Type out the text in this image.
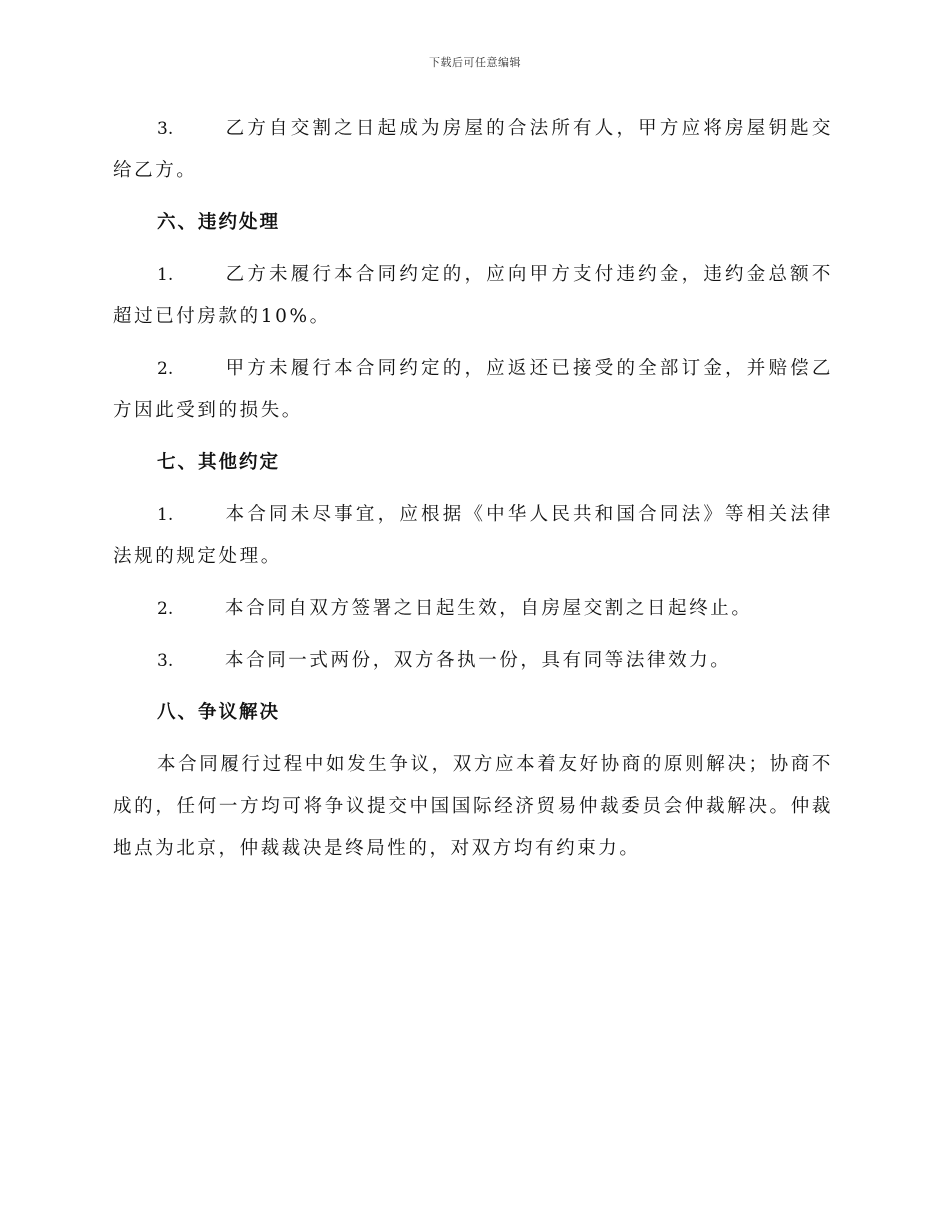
下载后可任意编辑

3.	乙方自交割之日起成为房屋的合法所有人，甲方应将房屋钥匙交给乙方。

六、违约处理

1.	乙方未履行本合同约定的，应向甲方支付违约金，违约金总额不超过已付房款的10%。

2.	甲方未履行本合同约定的，应返还已接受的全部订金，并赔偿乙方因此受到的损失。

七、其他约定

1.	本合同未尽事宜，应根据《中华人民共和国合同法》等相关法律法规的规定处理。

2.	本合同自双方签署之日起生效，自房屋交割之日起终止。

3.	本合同一式两份，双方各执一份，具有同等法律效力。

八、争议解决

本合同履行过程中如发生争议，双方应本着友好协商的原则解决；协商不成的，任何一方均可将争议提交中国国际经济贸易仲裁委员会仲裁解决。仲裁地点为北京，仲裁裁决是终局性的，对双方均有约束力。
